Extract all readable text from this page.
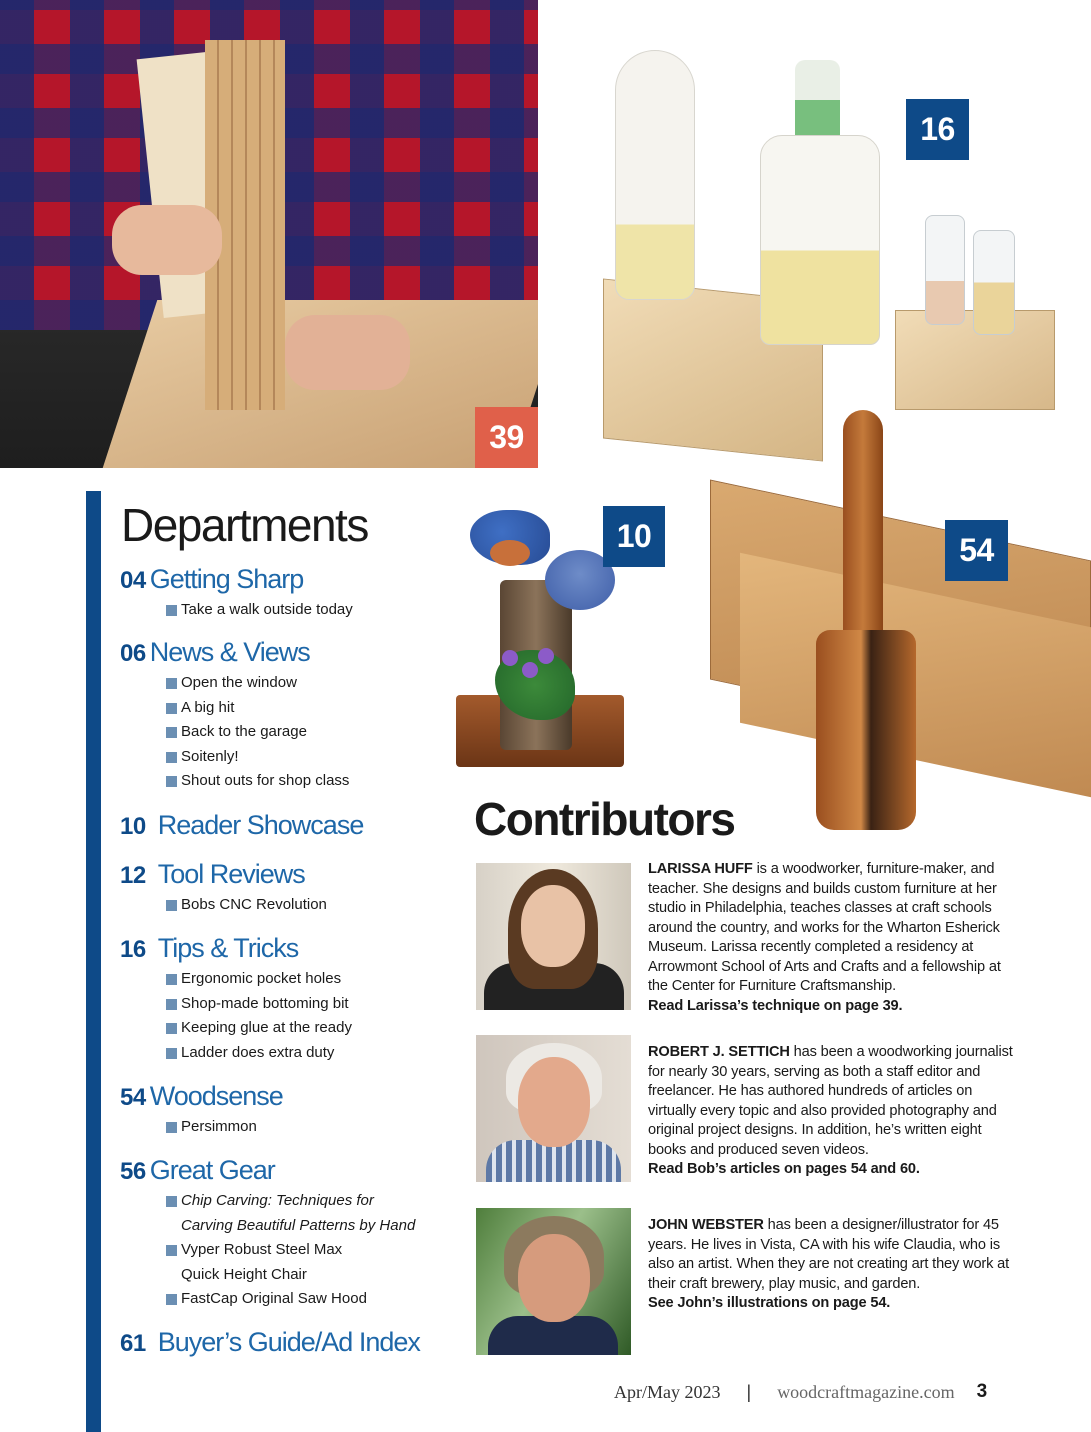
39
16
10	54
Departments
04 Getting Sharp
Take a walk outside today
06 News & Views
Open the window
A big hit
Back to the garage
Soitenly!
Shout outs for shop class
10 Reader Showcase
12 Tool Reviews
Bobs CNC Revolution
16 Tips & Tricks
Ergonomic pocket holes
Shop-made bottoming bit
Keeping glue at the ready
Ladder does extra duty
54 Woodsense
Persimmon
56 Great Gear
Chip Carving: Techniques for
Carving Beautiful Patterns by Hand
Vyper Robust Steel Max
Quick Height Chair
FastCap Original Saw Hood
61 Buyer’s Guide/Ad Index
Contributors
LARISSA HUFF is a woodworker, furniture-maker, and teacher. She designs and builds custom furniture at her studio in Philadelphia, teaches classes at craft schools around the country, and works for the Wharton Esherick Museum. Larissa recently completed a residency at Arrowmont School of Arts and Crafts and a fellowship at the Center for Furniture Craftsmanship.
Read Larissa’s technique on page 39.
ROBERT J. SETTICH has been a woodworking journalist for nearly 30 years, serving as both a staff editor and freelancer. He has authored hundreds of articles on virtually every topic and also provided photography and original project designs. In addition, he’s written eight books and produced seven videos.
Read Bob’s articles on pages 54 and 60.
JOHN WEBSTER has been a designer/illustrator for 45 years. He lives in Vista, CA with his wife Claudia, who is also an artist. When they are not creating art they work at their craft brewery, play music, and garden.
See John’s illustrations on page 54.
Apr/May 2023 | woodcraftmagazine.com 3
